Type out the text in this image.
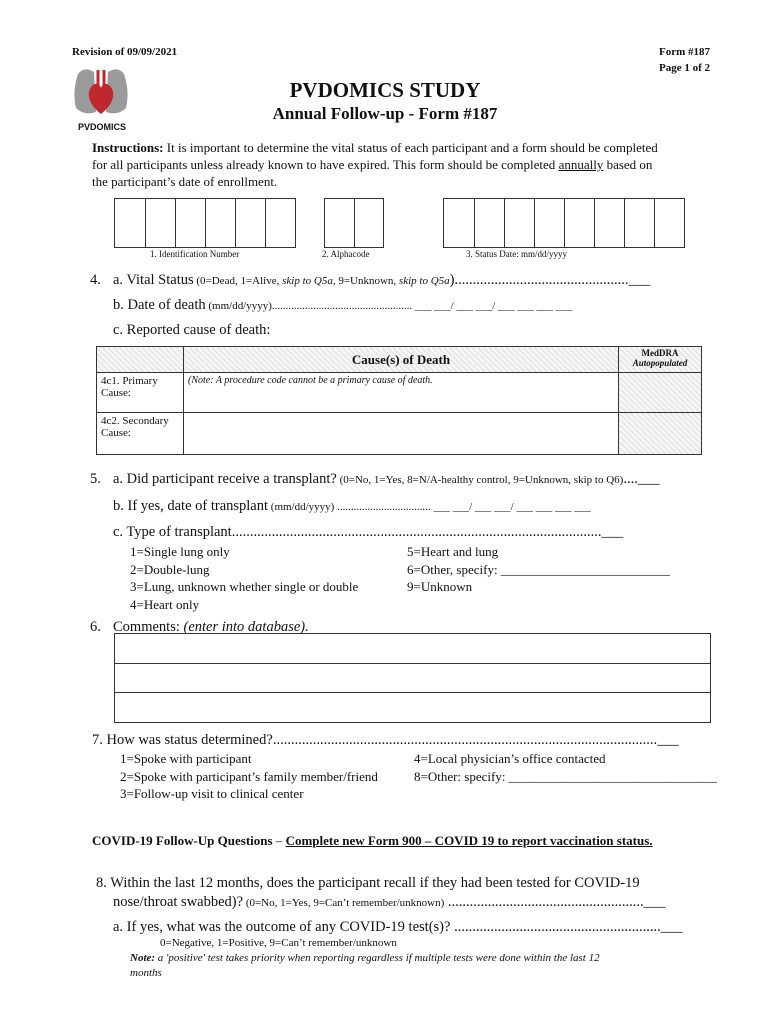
Revision of 09/09/2021	Form #187
Page 1 of 2
PVDOMICS
PVDOMICS STUDY
Annual Follow-up - Form #187
Instructions: It is important to determine the vital status of each participant and a form should be completed
for all participants unless already known to have expired. This form should be completed annually based on
the participant’s date of enrollment.
1. Identification Number	2. Alphacode	3. Status Date: mm/dd/yyyy
4. a. Vital Status (0=Dead, 1=Alive, skip to Q5a, 9=Unknown, skip to Q5a)................................................___
b. Date of death (mm/dd/yyyy)................................................... ___ ___/ ___ ___/ ___ ___ ___ ___
c. Reported cause of death:
	Cause(s) of Death	MedDRA
Autopopulated

4c1. Primary Cause:	(Note: A procedure code cannot be a primary cause of death.	
4c2. Secondary Cause:		
5. a. Did participant receive a transplant? (0=No, 1=Yes, 8=N/A-healthy control, 9=Unknown, skip to Q6)....___
b. If yes, date of transplant (mm/dd/yyyy) .................................. ___ ___/ ___ ___/ ___ ___ ___ ___
c. Type of transplant......................................................................................................___
1=Single lung only
2=Double-lung
3=Lung, unknown whether single or double
4=Heart only
5=Heart and lung
6=Other, specify: __________________________
9=Unknown
6. Comments: (enter into database).
7. How was status determined?..........................................................................................................___
1=Spoke with participant
2=Spoke with participant’s family member/friend
3=Follow-up visit to clinical center
4=Local physician’s office contacted
8=Other: specify: ________________________________
COVID-19 Follow-Up Questions – Complete new Form 900 – COVID 19 to report vaccination status.
8. Within the last 12 months, does the participant recall if they had been tested for COVID-19
nose/throat swabbed)? (0=No, 1=Yes, 9=Can’t remember/unknown) ......................................................___
a. If yes, what was the outcome of any COVID-19 test(s)? .........................................................___
0=Negative, 1=Positive, 9=Can’t remember/unknown
Note: a 'positive' test takes priority when reporting regardless if multiple tests were done within the last 12
months
